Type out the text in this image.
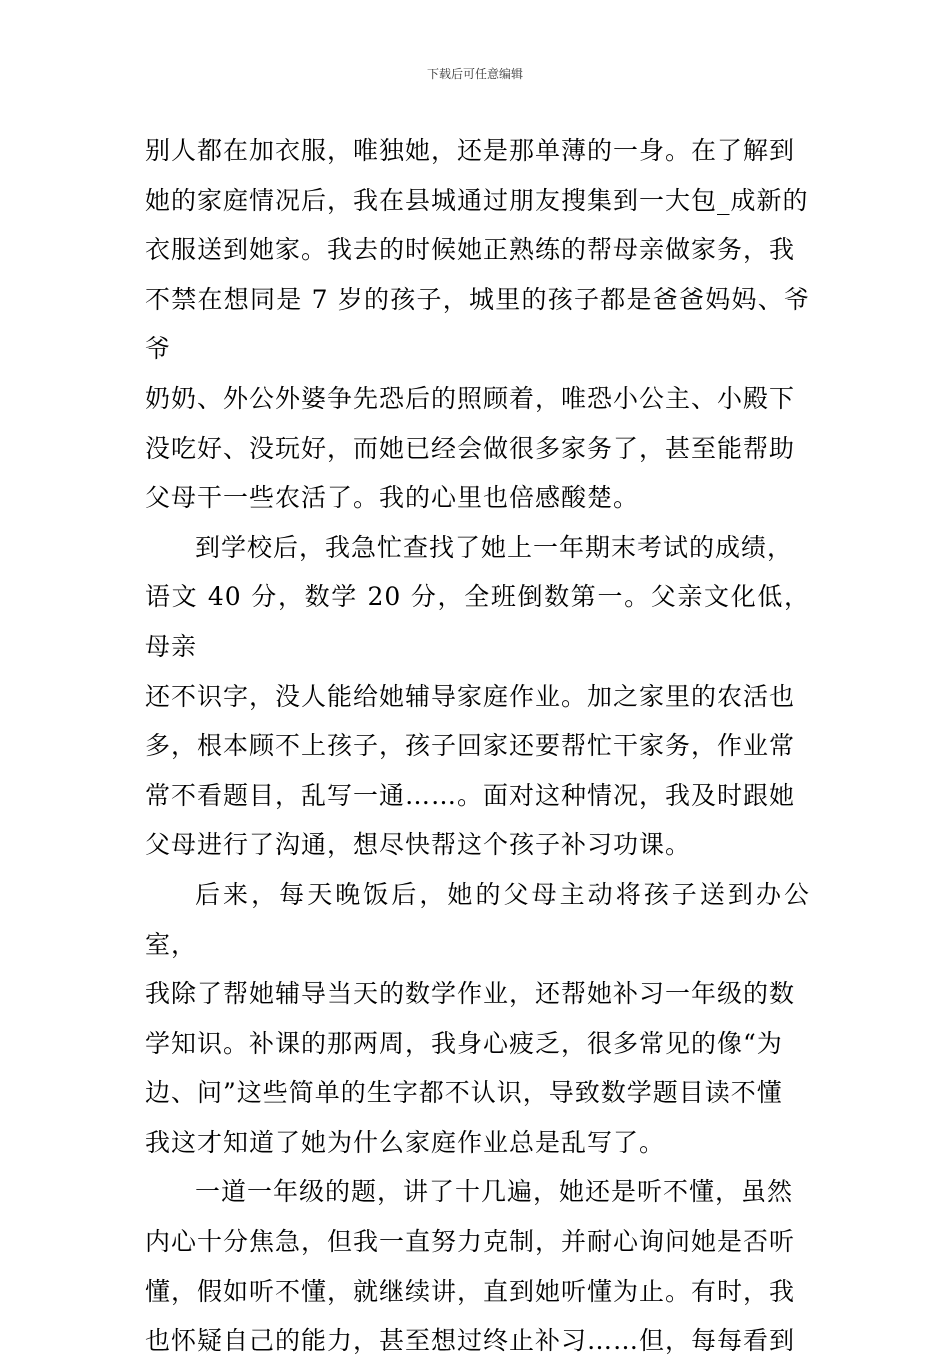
下载后可任意编辑

别人都在加衣服，唯独她，还是那单薄的一身。在了解到
她的家庭情况后，我在县城通过朋友搜集到一大包_成新的
衣服送到她家。我去的时候她正熟练的帮母亲做家务，我
不禁在想同是 7 岁的孩子，城里的孩子都是爸爸妈妈、爷爷
奶奶、外公外婆争先恐后的照顾着，唯恐小公主、小殿下
没吃好、没玩好，而她已经会做很多家务了，甚至能帮助
父母干一些农活了。我的心里也倍感酸楚。

到学校后，我急忙查找了她上一年期末考试的成绩，
语文 40 分，数学 20 分，全班倒数第一。父亲文化低，母亲
还不识字，没人能给她辅导家庭作业。加之家里的农活也
多，根本顾不上孩子，孩子回家还要帮忙干家务，作业常
常不看题目，乱写一通……。面对这种情况，我及时跟她
父母进行了沟通，想尽快帮这个孩子补习功课。

后来，每天晚饭后，她的父母主动将孩子送到办公室，
我除了帮她辅导当天的数学作业，还帮她补习一年级的数
学知识。补课的那两周，我身心疲乏，很多常见的像“为
边、问”这些简单的生字都不认识，导致数学题目读不懂
我这才知道了她为什么家庭作业总是乱写了。

一道一年级的题，讲了十几遍，她还是听不懂，虽然
内心十分焦急，但我一直努力克制，并耐心询问她是否听
懂，假如听不懂，就继续讲，直到她听懂为止。有时，我
也怀疑自己的能力，甚至想过终止补习……但，每每看到
